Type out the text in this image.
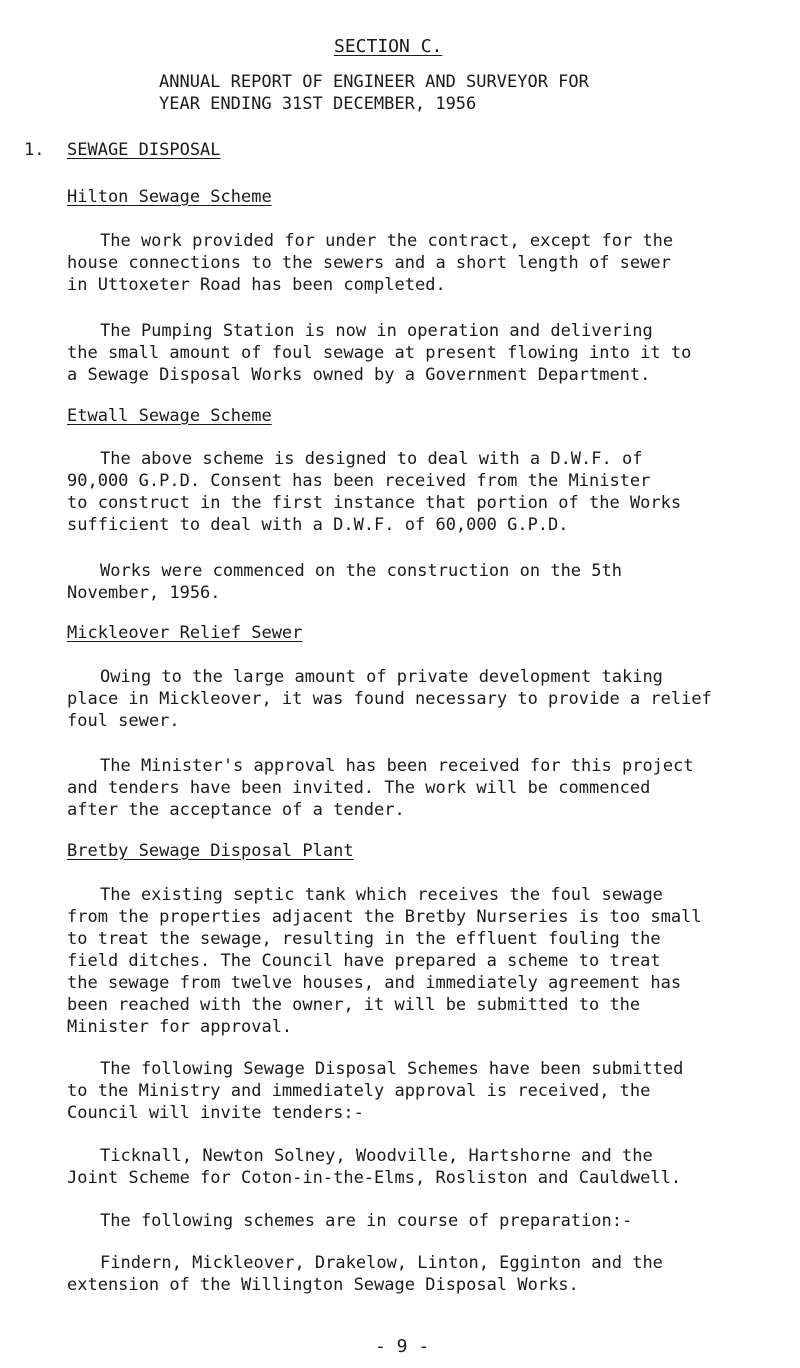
SECTION C.
ANNUAL REPORT OF ENGINEER AND SURVEYOR FOR
YEAR ENDING 31ST DECEMBER, 1956
1. SEWAGE DISPOSAL
Hilton Sewage Scheme
The work provided for under the contract, except for the
house connections to the sewers and a short length of sewer
in Uttoxeter Road has been completed.
The Pumping Station is now in operation and delivering
the small amount of foul sewage at present flowing into it to
a Sewage Disposal Works owned by a Government Department.
Etwall Sewage Scheme
The above scheme is designed to deal with a D.W.F. of
90,000 G.P.D. Consent has been received from the Minister
to construct in the first instance that portion of the Works
sufficient to deal with a D.W.F. of 60,000 G.P.D.
Works were commenced on the construction on the 5th
November, 1956.
Mickleover Relief Sewer
Owing to the large amount of private development taking
place in Mickleover, it was found necessary to provide a relief
foul sewer.
The Minister's approval has been received for this project
and tenders have been invited. The work will be commenced
after the acceptance of a tender.
Bretby Sewage Disposal Plant
The existing septic tank which receives the foul sewage
from the properties adjacent the Bretby Nurseries is too small
to treat the sewage, resulting in the effluent fouling the
field ditches. The Council have prepared a scheme to treat
the sewage from twelve houses, and immediately agreement has
been reached with the owner, it will be submitted to the
Minister for approval.
The following Sewage Disposal Schemes have been submitted
to the Ministry and immediately approval is received, the
Council will invite tenders:-
Ticknall, Newton Solney, Woodville, Hartshorne and the
Joint Scheme for Coton-in-the-Elms, Rosliston and Cauldwell.
The following schemes are in course of preparation:-
Findern, Mickleover, Drakelow, Linton, Egginton and the
extension of the Willington Sewage Disposal Works.
- 9 -
